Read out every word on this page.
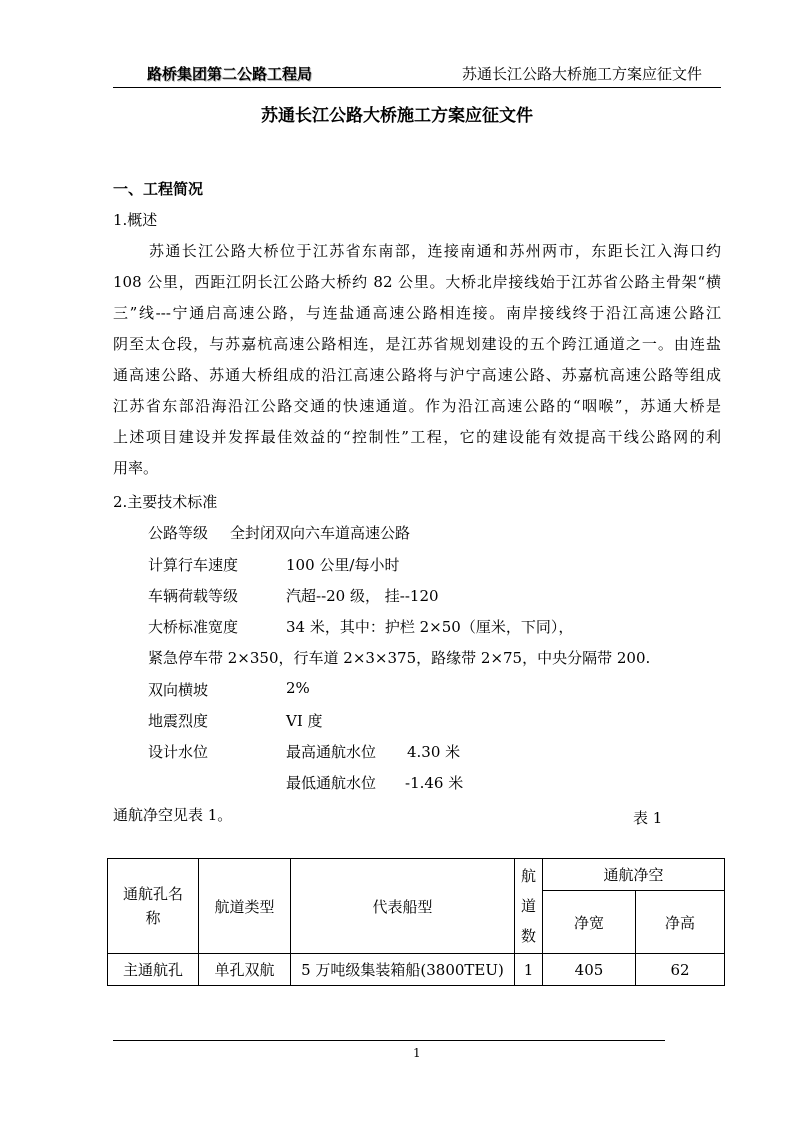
路桥集团第二公路工程局	苏通长江公路大桥施工方案应征文件
苏通长江公路大桥施工方案应征文件
一、工程简况
1.概述
苏通长江公路大桥位于江苏省东南部，连接南通和苏州两市，东距长江入海口约
108 公里，西距江阴长江公路大桥约 82 公里。大桥北岸接线始于江苏省公路主骨架“横
三”线---宁通启高速公路，与连盐通高速公路相连接。南岸接线终于沿江高速公路江
阴至太仓段，与苏嘉杭高速公路相连，是江苏省规划建设的五个跨江通道之一。由连盐
通高速公路、苏通大桥组成的沿江高速公路将与沪宁高速公路、苏嘉杭高速公路等组成
江苏省东部沿海沿江公路交通的快速通道。作为沿江高速公路的“咽喉”，苏通大桥是
上述项目建设并发挥最佳效益的“控制性”工程，它的建设能有效提高干线公路网的利
用率。
2.主要技术标准
公路等级 全封闭双向六车道高速公路
计算行车速度	100 公里/每小时
车辆荷载等级	汽超--20 级， 挂--120
大桥标准宽度	34 米，其中：护栏 2×50（厘米，下同），
紧急停车带 2×350，行车道 2×3×375，路缘带 2×75，中央分隔带 200.
双向横坡	2%
地震烈度	VI 度
设计水位	最高通航水位 4.30 米
最低通航水位 -1.46 米
通航净空见表 1。	表 1
通航孔名称	航道类型	代表船型	航道数	通航净空	
				净宽	净高
主通航孔	单孔双航	5 万吨级集装箱船(3800TEU)	1	405	62
1
